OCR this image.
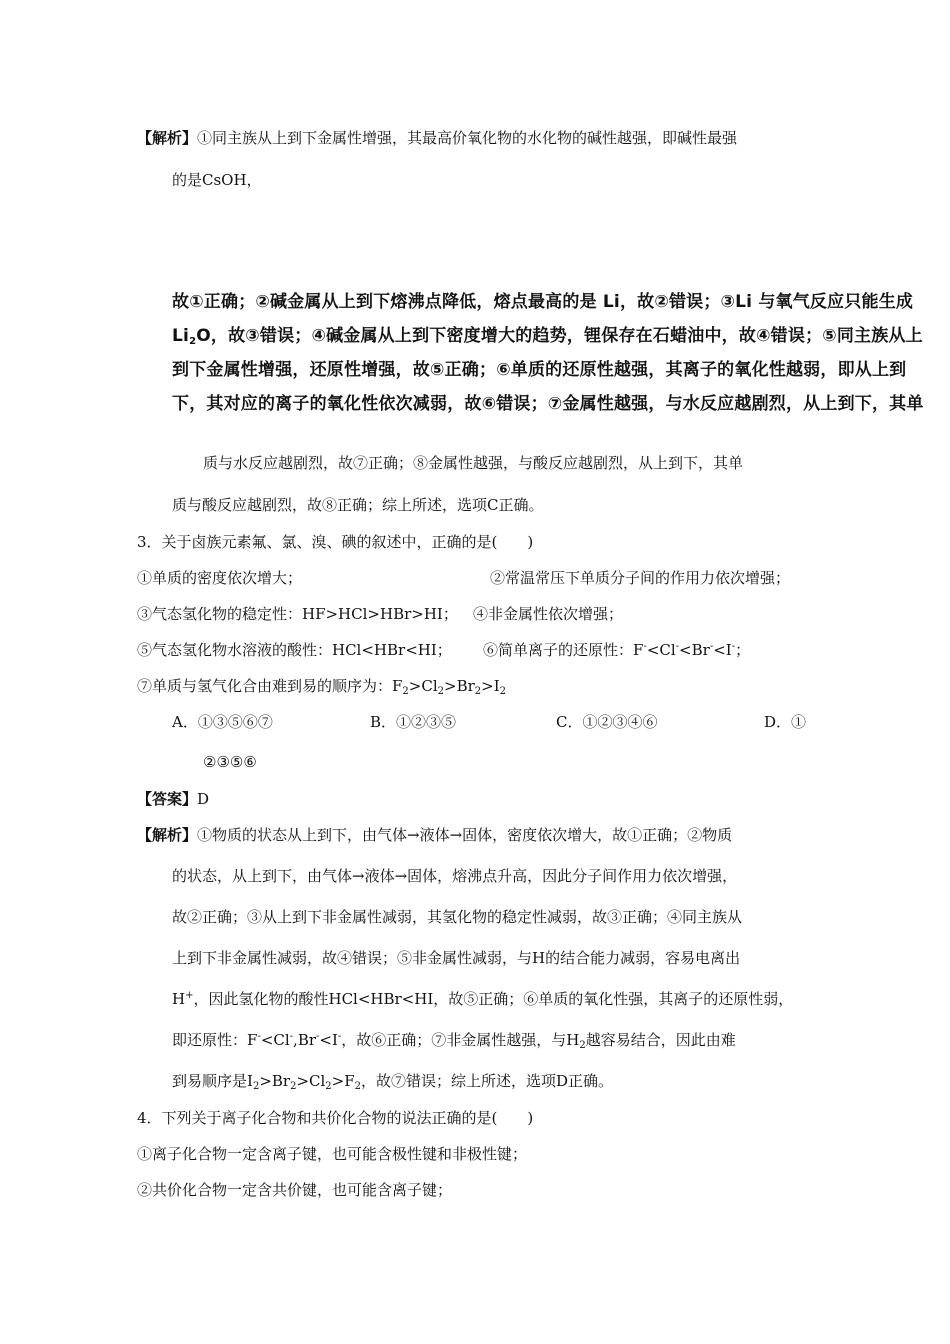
【解析】①同主族从上到下金属性增强，其最高价氧化物的水化物的碱性越强，即碱性最强
的是CsOH，
故①正确；②碱金属从上到下熔沸点降低，熔点最高的是 Li，故②错误；③Li 与氧气反应只能生成
$Li_2O$，故③错误；④碱金属从上到下密度增大的趋势，锂保存在石蜡油中，故④错误；⑤同主族从上
到下金属性增强，还原性增强，故⑤正确；⑥单质的还原性越强，其离子的氧化性越弱，即从上到
下，其对应的离子的氧化性依次减弱，故⑥错误；⑦金属性越强，与水反应越剧烈，从上到下，其单
质与水反应越剧烈，故⑦正确；⑧金属性越强，与酸反应越剧烈，从上到下，其单
质与酸反应越剧烈，故⑧正确；综上所述，选项C正确。
3．关于卤族元素氟、氯、溴、碘的叙述中，正确的是(　　)
①单质的密度依次增大；	②常温常压下单质分子间的作用力依次增强；
③气态氢化物的稳定性：HF>HCl>HBr>HI； ④非金属性依次增强；
⑤气态氢化物水溶液的酸性：HCl<HBr<HI； ⑥简单离子的还原性：F-<Cl-<Br-<I-；
⑦单质与氢气化合由难到易的顺序为：$F_2>Cl_2>Br_2>I_2$
A．①③⑤⑥⑦	B．①②③⑤	C．①②③④⑥	D．①
②③⑤⑥
【答案】D
【解析】①物质的状态从上到下，由气体→液体→固体，密度依次增大，故①正确；②物质
的状态，从上到下，由气体→液体→固体，熔沸点升高，因此分子间作用力依次增强，
故②正确；③从上到下非金属性减弱，其氢化物的稳定性减弱，故③正确；④同主族从
上到下非金属性减弱，故④错误；⑤非金属性减弱，与H的结合能力减弱，容易电离出
H+，因此氢化物的酸性HCl<HBr<HI，故⑤正确；⑥单质的氧化性强，其离子的还原性弱，
即还原性：F-<Cl-,Br-<I-，故⑥正确；⑦非金属性越强，与$H_2$越容易结合，因此由难
到易顺序是$I_2>Br_2>Cl_2>F_2$，故⑦错误；综上所述，选项D正确。
4．下列关于离子化合物和共价化合物的说法正确的是(　　)
①离子化合物一定含离子键，也可能含极性键和非极性键；
②共价化合物一定含共价键，也可能含离子键；
